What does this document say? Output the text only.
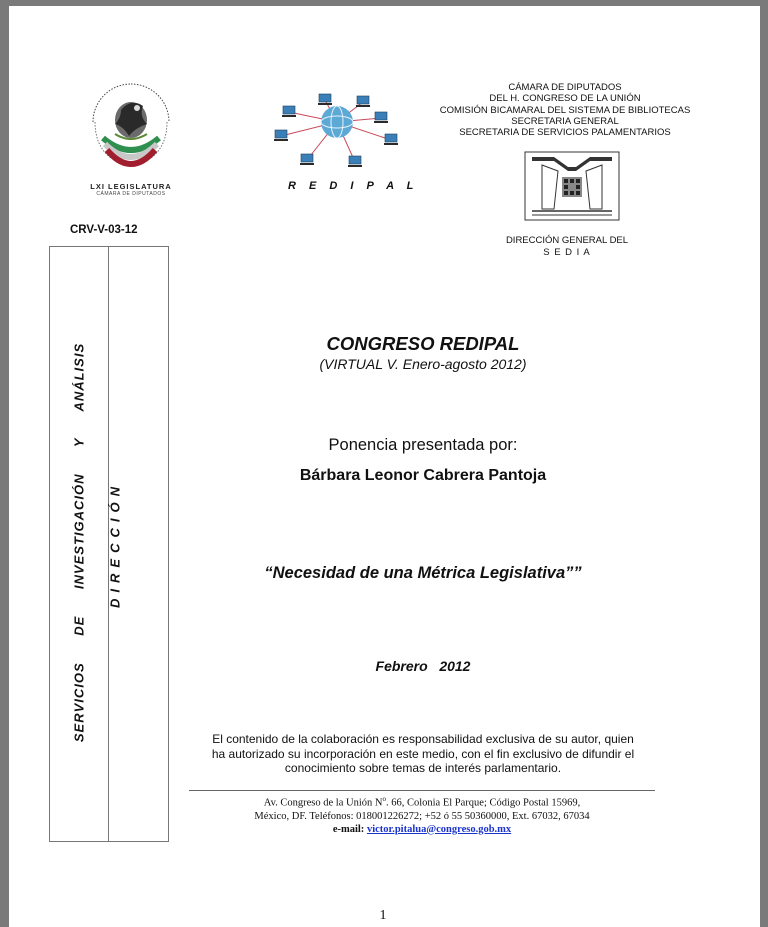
LXI LEGISLATURA
CÁMARA DE DIPUTADOS
R E D I P A L
CÁMARA DE DIPUTADOS
DEL H. CONGRESO DE LA UNIÓN
COMISIÓN BICAMARAL DEL SISTEMA DE BIBLIOTECAS
SECRETARIA GENERAL
SECRETARIA DE SERVICIOS PALAMENTARIOS
DIRECCIÓN GENERAL DEL
S E D I A
CRV-V-03-12
SERVICIOS DE INVESTIGACIÓN Y ANÁLISIS DIRECCIÓN
CONGRESO REDIPAL
(VIRTUAL V. Enero-agosto 2012)
Ponencia presentada por:
Bárbara Leonor Cabrera Pantoja
“Necesidad de una Métrica Legislativa””
Febrero   2012
El contenido de la colaboración es responsabilidad exclusiva de su autor, quien
ha autorizado su incorporación en este medio, con el fin exclusivo de difundir el
conocimiento sobre temas de interés parlamentario.
Av. Congreso de la Unión $N^o$. 66, Colonia El Parque; Código Postal 15969,
México, DF. Teléfonos: 018001226272; +52 ó 55 50360000, Ext. 67032, 67034
e-mail: victor.pitalua@congreso.gob.mx
1
